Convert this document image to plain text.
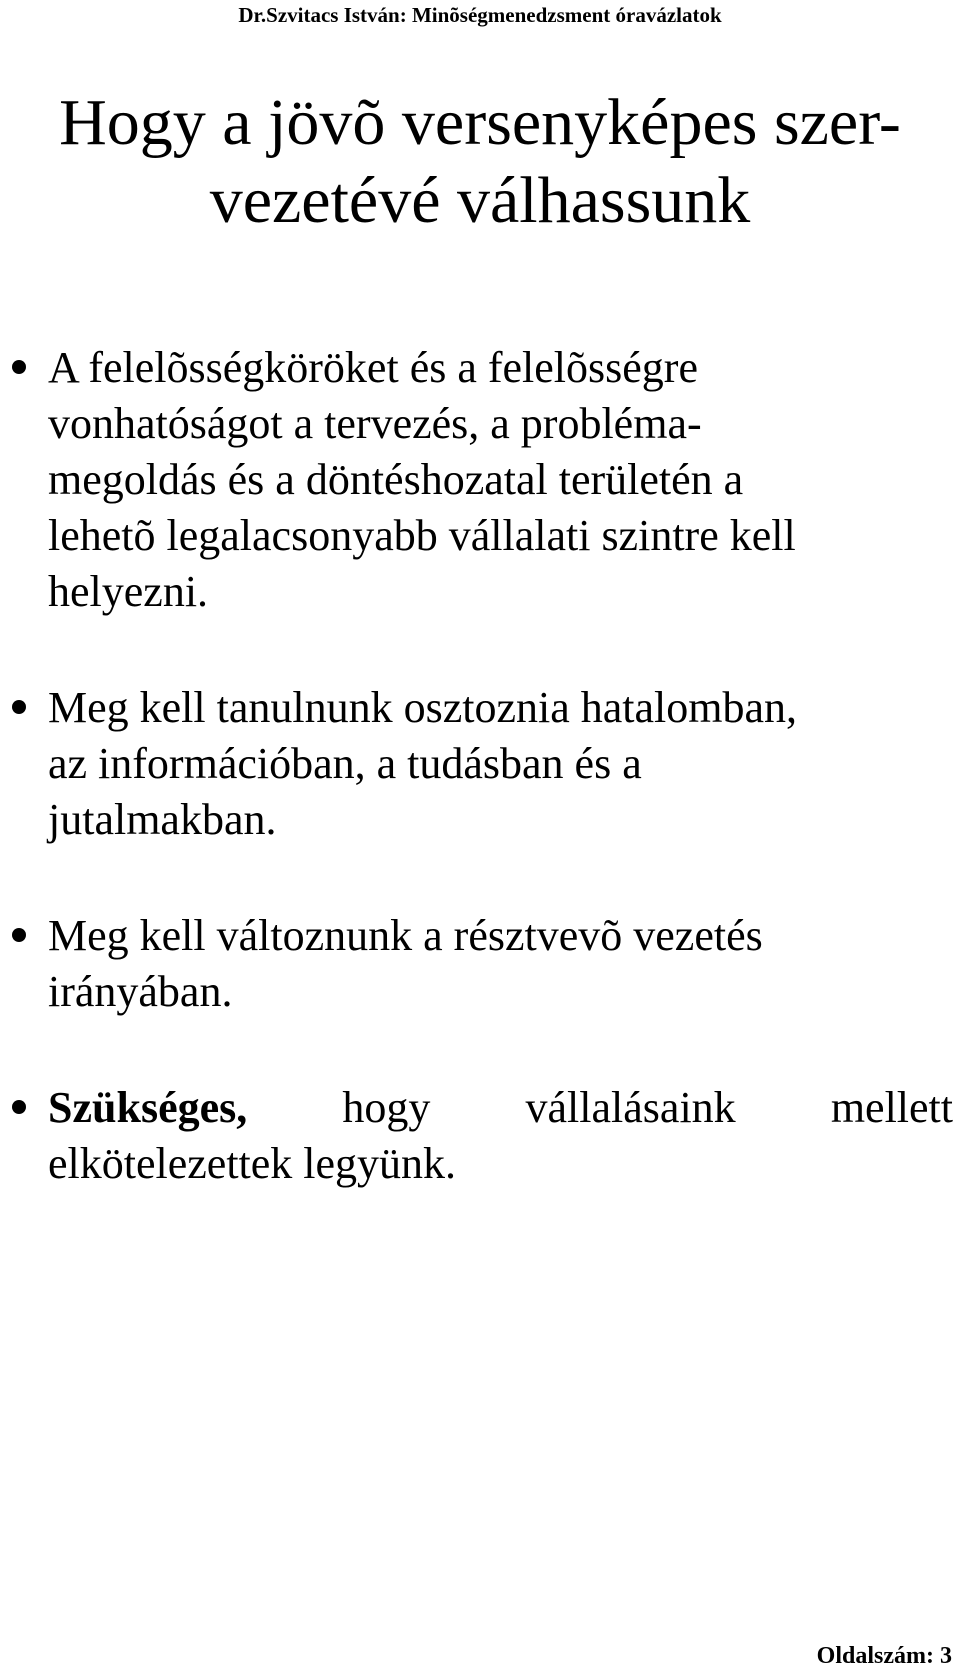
Dr.Szvitacs István: Minõségmenedzsment óravázlatok
Hogy a jövõ versenyképes szer-
vezetévé válhassunk
A felelõsségköröket és a felelõsségre
vonhatóságot a tervezés, a probléma-
megoldás és a döntéshozatal területén a
lehetõ legalacsonyabb vállalati szintre kell
helyezni.
Meg kell tanulnunk osztoznia hatalomban,
az információban, a tudásban és a
jutalmakban.
Meg kell változnunk a résztvevõ vezetés
irányában.
Szükséges, hogy vállalásaink mellett
elkötelezettek legyünk.
Oldalszám: 3
